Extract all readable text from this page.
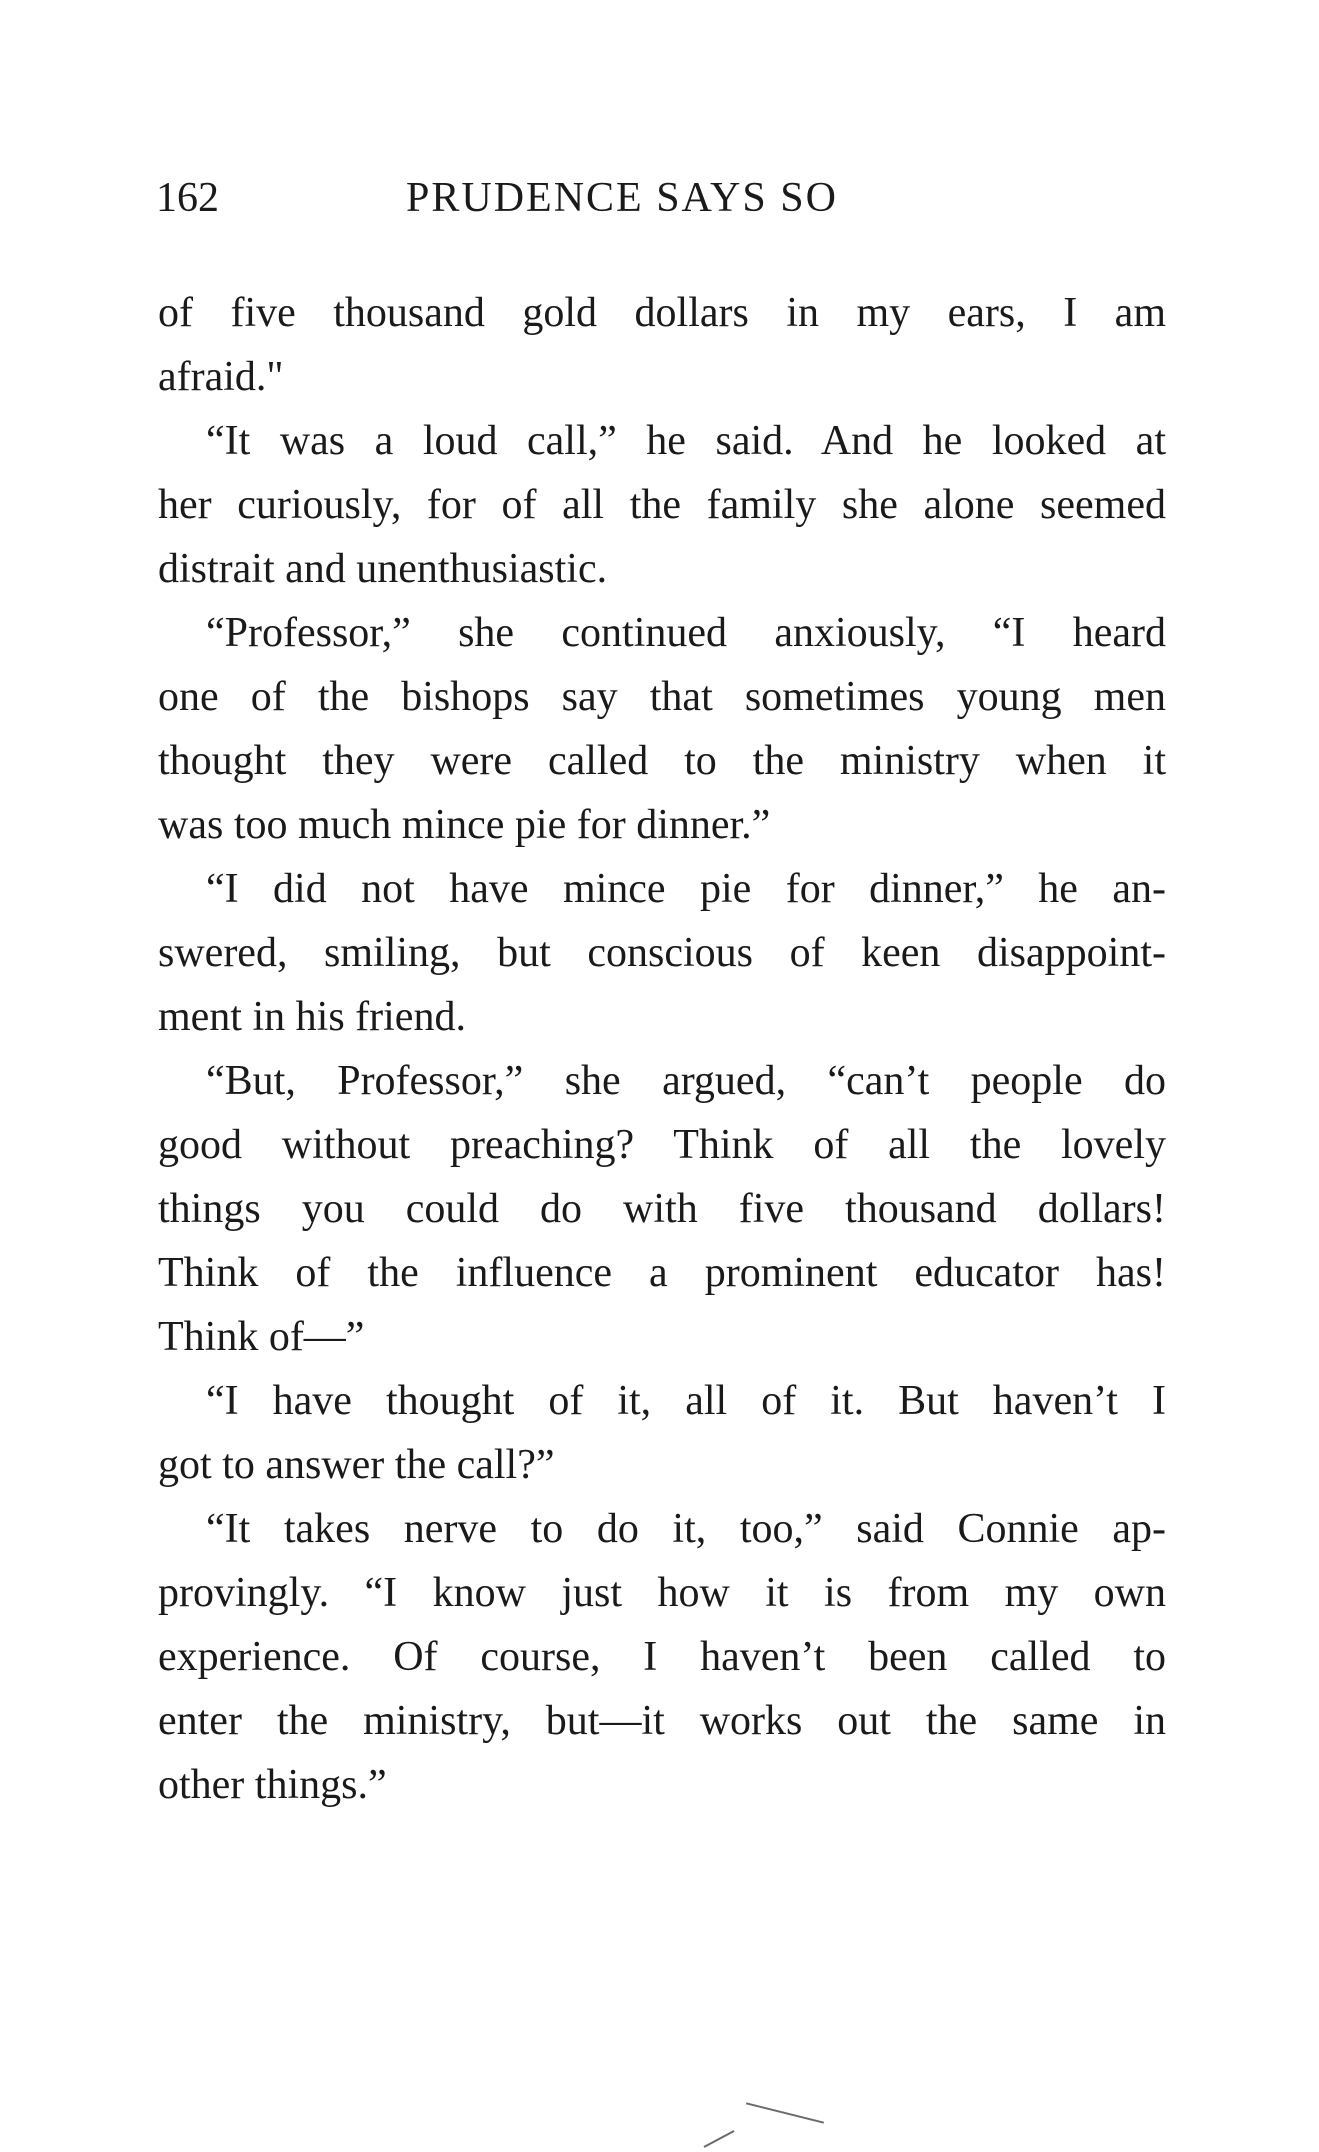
162	PRUDENCE SAYS SO
of five thousand gold dollars in my ears, I am
afraid."
“It was a loud call,” he said. And he looked at
her curiously, for of all the family she alone seemed
distrait and unenthusiastic.
“Professor,” she continued anxiously, “I heard
one of the bishops say that sometimes young men
thought they were called to the ministry when it
was too much mince pie for dinner.”
“I did not have mince pie for dinner,” he an-
swered, smiling, but conscious of keen disappoint-
ment in his friend.
“But, Professor,” she argued, “can’t people do
good without preaching? Think of all the lovely
things you could do with five thousand dollars!
Think of the influence a prominent educator has!
Think of—”
“I have thought of it, all of it. But haven’t I
got to answer the call?”
“It takes nerve to do it, too,” said Connie ap-
provingly. “I know just how it is from my own
experience. Of course, I haven’t been called to
enter the ministry, but—it works out the same in
other things.”
